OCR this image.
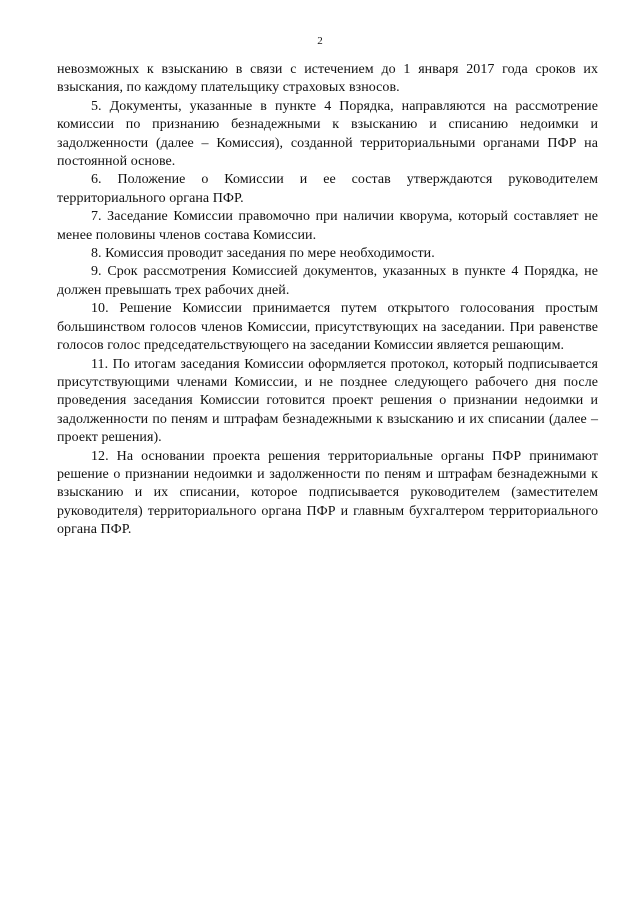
2

невозможных к взысканию в связи с истечением до 1 января 2017 года сроков их взыскания, по каждому плательщику страховых взносов.

5. Документы, указанные в пункте 4 Порядка, направляются на рассмотрение комиссии по признанию безнадежными к взысканию и списанию недоимки и задолженности (далее – Комиссия), созданной территориальными органами ПФР на постоянной основе.

6. Положение о Комиссии и ее состав утверждаются руководителем территориального органа ПФР.

7. Заседание Комиссии правомочно при наличии кворума, который составляет не менее половины членов состава Комиссии.

8. Комиссия проводит заседания по мере необходимости.

9. Срок рассмотрения Комиссией документов, указанных в пункте 4 Порядка, не должен превышать трех рабочих дней.

10. Решение Комиссии принимается путем открытого голосования простым большинством голосов членов Комиссии, присутствующих на заседании. При равенстве голосов голос председательствующего на заседании Комиссии является решающим.

11. По итогам заседания Комиссии оформляется протокол, который подписывается присутствующими членами Комиссии, и не позднее следующего рабочего дня после проведения заседания Комиссии готовится проект решения о признании недоимки и задолженности по пеням и штрафам безнадежными к взысканию и их списании (далее – проект решения).

12. На основании проекта решения территориальные органы ПФР принимают решение о признании недоимки и задолженности по пеням и штрафам безнадежными к взысканию и их списании, которое подписывается руководителем (заместителем руководителя) территориального органа ПФР и главным бухгалтером территориального органа ПФР.
